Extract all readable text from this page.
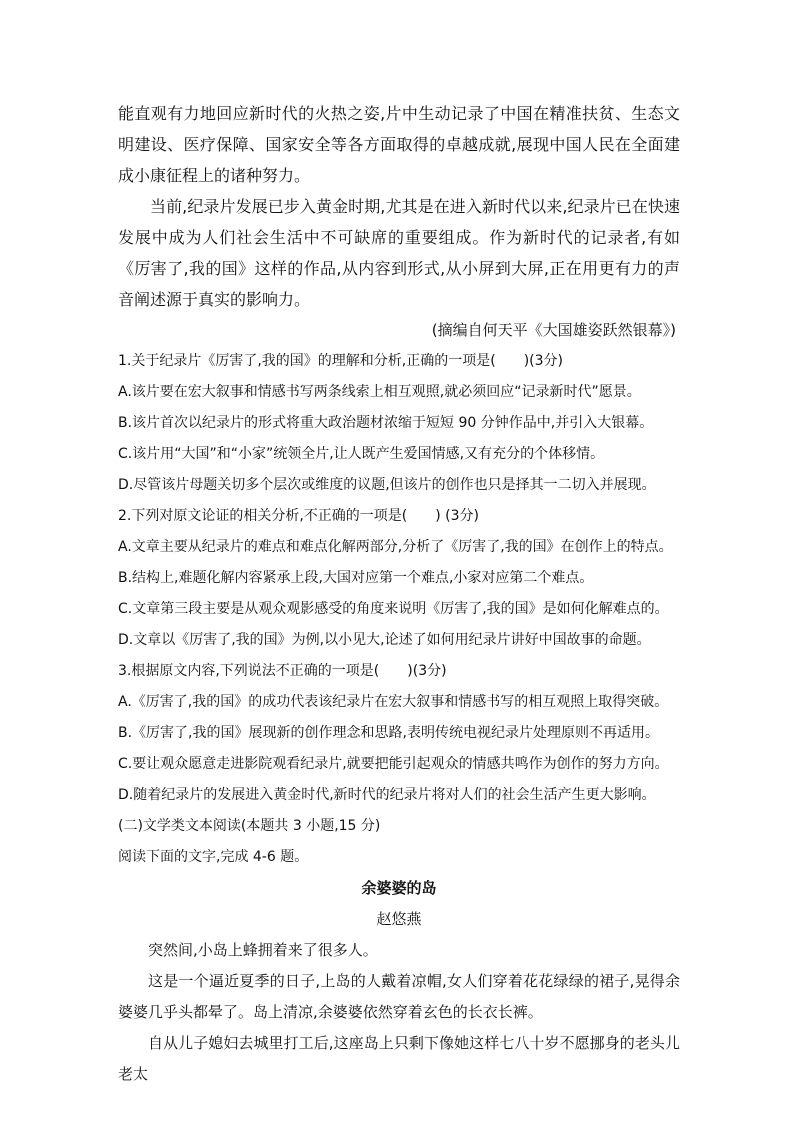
能直观有力地回应新时代的火热之姿,片中生动记录了中国在精准扶贫、生态文明建设、医疗保障、国家安全等各方面取得的卓越成就,展现中国人民在全面建成小康征程上的诸种努力。

当前,纪录片发展已步入黄金时期,尤其是在进入新时代以来,纪录片已在快速发展中成为人们社会生活中不可缺席的重要组成。作为新时代的记录者,有如《厉害了,我的国》这样的作品,从内容到形式,从小屏到大屏,正在用更有力的声音阐述源于真实的影响力。

(摘编自何天平《大国雄姿跃然银幕》)

1.关于纪录片《厉害了,我的国》的理解和分析,正确的一项是(　　)(3分)

A.该片要在宏大叙事和情感书写两条线索上相互观照,就必须回应“记录新时代”愿景。

B.该片首次以纪录片的形式将重大政治题材浓缩于短短 90 分钟作品中,并引入大银幕。

C.该片用“大国”和“小家”统领全片,让人既产生爱国情感,又有充分的个体移情。

D.尽管该片母题关切多个层次或维度的议题,但该片的创作也只是择其一二切入并展现。

2.下列对原文论证的相关分析,不正确的一项是(　　) (3分)

A.文章主要从纪录片的难点和难点化解两部分,分析了《厉害了,我的国》在创作上的特点。

B.结构上,难题化解内容紧承上段,大国对应第一个难点,小家对应第二个难点。

C.文章第三段主要是从观众观影感受的角度来说明《厉害了,我的国》是如何化解难点的。

D.文章以《厉害了,我的国》为例,以小见大,论述了如何用纪录片讲好中国故事的命题。

3.根据原文内容,下列说法不正确的一项是(　　)(3分)

A.《厉害了,我的国》的成功代表该纪录片在宏大叙事和情感书写的相互观照上取得突破。

B.《厉害了,我的国》展现新的创作理念和思路,表明传统电视纪录片处理原则不再适用。

C.要让观众愿意走进影院观看纪录片,就要把能引起观众的情感共鸣作为创作的努力方向。

D.随着纪录片的发展进入黄金时代,新时代的纪录片将对人们的社会生活产生更大影响。

(二)文学类文本阅读(本题共 3 小题,15 分)

阅读下面的文字,完成 4-6 题。

余婆婆的岛

赵悠燕

突然间,小岛上蜂拥着来了很多人。

这是一个逼近夏季的日子,上岛的人戴着凉帽,女人们穿着花花绿绿的裙子,晃得余婆婆几乎头都晕了。岛上清凉,余婆婆依然穿着玄色的长衣长裤。

自从儿子媳妇去城里打工后,这座岛上只剩下像她这样七八十岁不愿挪身的老头儿老太
